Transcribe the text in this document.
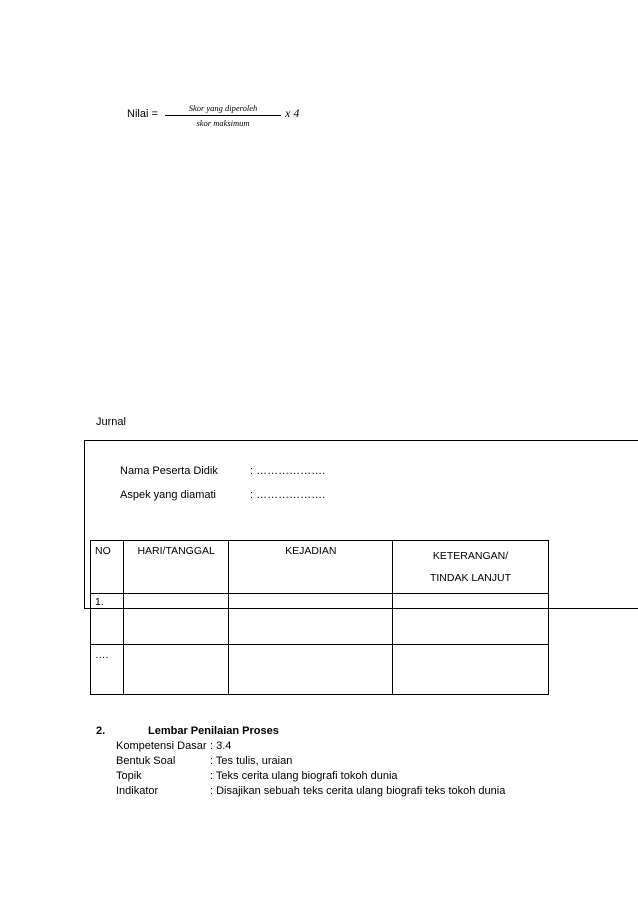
Nilai =	Skor yang diperoleh
skor maksimum
x 4
Jurnal
Nama Peserta Didik	: ……………….
Aspek yang diamati	: ……………….
NO	HARI/TANGGAL	KEJADIAN	KETERANGAN/
TINDAK LANJUT
1.			

….			
2.	Lembar Penilaian Proses
Kompetensi Dasar : 3.4
Bentuk Soal	: Tes tulis, uraian
Topik	: Teks cerita ulang biografi tokoh dunia
Indikator	: Disajikan sebuah teks cerita ulang biografi teks tokoh dunia
